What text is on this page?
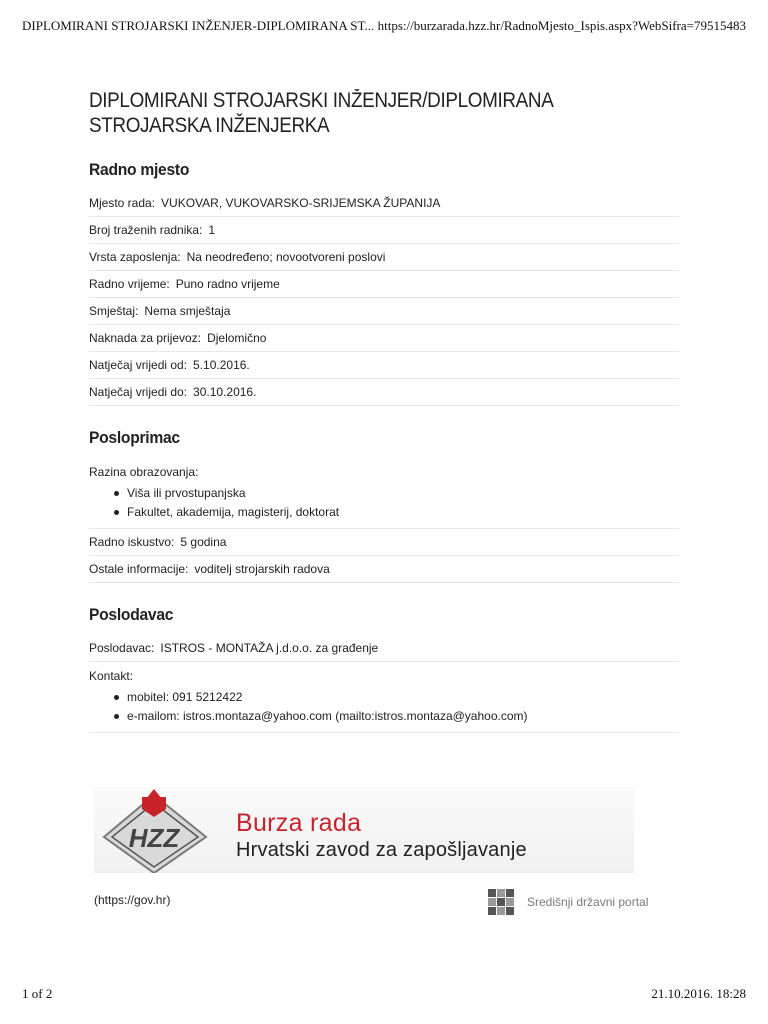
DIPLOMIRANI STROJARSKI INŽENJER-DIPLOMIRANA ST... https://burzarada.hzz.hr/RadnoMjesto_Ispis.aspx?WebSifra=79515483
DIPLOMIRANI STROJARSKI INŽENJER/DIPLOMIRANA STROJARSKA INŽENJERKA
Radno mjesto
Mjesto rada: VUKOVAR, VUKOVARSKO-SRIJEMSKA ŽUPANIJA
Broj traženih radnika: 1
Vrsta zaposlenja: Na neodređeno; novootvoreni poslovi
Radno vrijeme: Puno radno vrijeme
Smještaj: Nema smještaja
Naknada za prijevoz: Djelomično
Natječaj vrijedi od: 5.10.2016.
Natječaj vrijedi do: 30.10.2016.
Posloprimac
Razina obrazovanja:
Viša ili prvostupanjska
Fakultet, akademija, magisterij, doktorat
Radno iskustvo: 5 godina
Ostale informacije: voditelj strojarskih radova
Poslodavac
Poslodavac: ISTROS - MONTAŽA j.d.o.o. za građenje
Kontakt:
mobitel: 091 5212422
e-mailom: istros.montaza@yahoo.com (mailto:istros.montaza@yahoo.com)
HZZ Burza rada
Hrvatski zavod za zapošljavanje
(https://gov.hr)	Središnji državni portal
1 of 2	21.10.2016. 18:28
